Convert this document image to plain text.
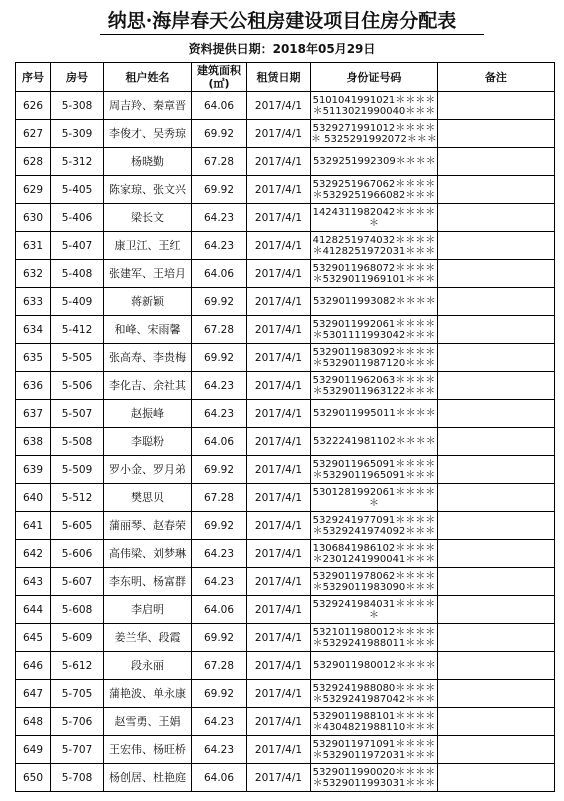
纳思·海岸春天公租房建设项目住房分配表
资料提供日期：2018年05月29日
序号	房号	租户姓名	建筑面积
(㎡)	租赁日期	身份证号码	备注
626	5-308	周吉羚、秦章晋	64.06	2017/4/1	5101041991021＊＊＊＊
＊5113021990040＊＊＊	

627	5-309	李俊才、吴秀琼	69.92	2017/4/1	5329271991012＊＊＊＊
＊ 5325291992072＊＊＊	

628	5-312	杨晓勤	67.28	2017/4/1	5329251992309＊＊＊＊	

629	5-405	陈家琼、张文兴	69.92	2017/4/1	5329251967062＊＊＊＊
＊5329251966082＊＊＊	

630	5-406	梁长文	64.23	2017/4/1	1424311982042＊＊＊＊
＊	

631	5-407	康卫江、王红	64.23	2017/4/1	4128251974032＊＊＊＊
＊4128251972031＊＊＊	

632	5-408	张建军、王培月	64.06	2017/4/1	5329011968072＊＊＊＊
＊5329011969101＊＊＊	

633	5-409	蒋新颖	69.92	2017/4/1	5329011993082＊＊＊＊	

634	5-412	和峰、宋雨馨	67.28	2017/4/1	5329011992061＊＊＊＊
＊5301111993042＊＊＊	

635	5-505	张高寿、李贵梅	69.92	2017/4/1	5329011983092＊＊＊＊
＊5329011987120＊＊＊	

636	5-506	李化吉、余社其	64.23	2017/4/1	5329011962063＊＊＊＊
＊5329011963122＊＊＊	

637	5-507	赵振峰	64.23	2017/4/1	5329011995011＊＊＊＊	

638	5-508	李聪粉	64.06	2017/4/1	5322241981102＊＊＊＊	

639	5-509	罗小金、罗月弟	69.92	2017/4/1	5329011965091＊＊＊＊
＊5329011965091＊＊＊	

640	5-512	樊思贝	67.28	2017/4/1	5301281992061＊＊＊＊
＊	

641	5-605	蒲丽琴、赵春荣	69.92	2017/4/1	5329241977091＊＊＊＊
＊5329241974092＊＊＊	

642	5-606	高伟梁、刘梦琳	64.23	2017/4/1	1306841986102＊＊＊＊
＊2301241990041＊＊＊	

643	5-607	李东明、杨富群	64.23	2017/4/1	5329011978062＊＊＊＊
＊5329011983090＊＊＊	

644	5-608	李启明	64.06	2017/4/1	5329241984031＊＊＊＊
＊	

645	5-609	姜兰华、段霞	69.92	2017/4/1	5321011980012＊＊＊＊
＊5329241988011＊＊＊	

646	5-612	段永丽	67.28	2017/4/1	5329011980012＊＊＊＊	

647	5-705	蒲艳波、单永康	69.92	2017/4/1	5329241988080＊＊＊＊
＊5329241987042＊＊＊	

648	5-706	赵雪勇、王娟	64.23	2017/4/1	5329011988101＊＊＊＊
＊4304821988110＊＊＊	

649	5-707	王宏伟、杨旺桥	64.23	2017/4/1	5329011971091＊＊＊＊
＊5329011972031＊＊＊	

650	5-708	杨创居、杜艳庭	64.06	2017/4/1	5329011990020＊＊＊＊
＊5329011993031＊＊＊	
